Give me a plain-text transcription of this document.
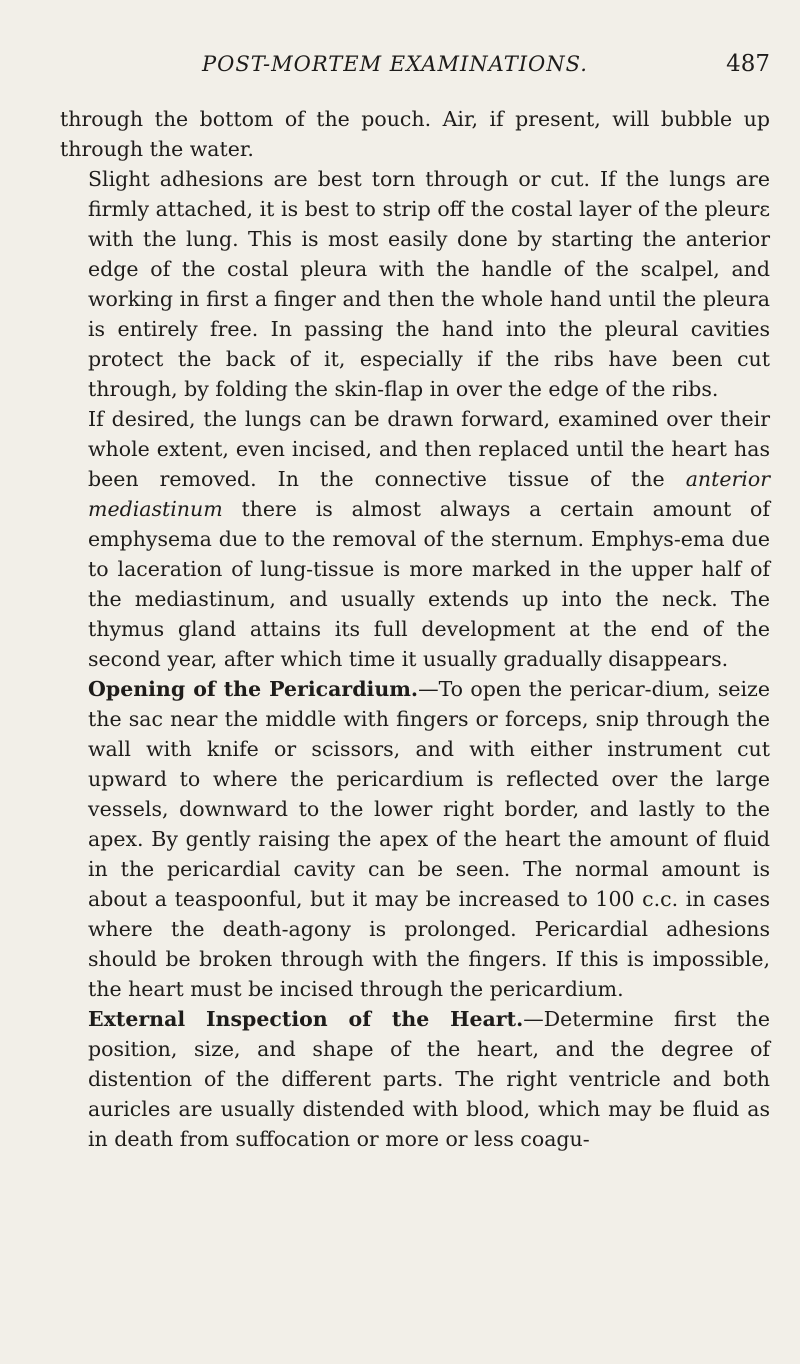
POST-MORTEM EXAMINATIONS.	487

through the bottom of the pouch. Air, if present, will bubble up through the water.

Slight adhesions are best torn through or cut. If the lungs are firmly attached, it is best to strip off the costal layer of the pleurɛ with the lung. This is most easily done by starting the anterior edge of the costal pleura with the handle of the scalpel, and working in first a finger and then the whole hand until the pleura is entirely free. In passing the hand into the pleural cavities protect the back of it, especially if the ribs have been cut through, by folding the skin-flap in over the edge of the ribs.

If desired, the lungs can be drawn forward, examined over their whole extent, even incised, and then replaced until the heart has been removed. In the connective tissue of the anterior mediastinum there is almost always a certain amount of emphysema due to the removal of the sternum. Emphys-ema due to laceration of lung-tissue is more marked in the upper half of the mediastinum, and usually extends up into the neck. The thymus gland attains its full development at the end of the second year, after which time it usually gradually disappears.

Opening of the Pericardium.—To open the pericar-dium, seize the sac near the middle with fingers or forceps, snip through the wall with knife or scissors, and with either instrument cut upward to where the pericardium is reflected over the large vessels, downward to the lower right border, and lastly to the apex. By gently raising the apex of the heart the amount of fluid in the pericardial cavity can be seen. The normal amount is about a teaspoonful, but it may be increased to 100 c.c. in cases where the death-agony is prolonged. Pericardial adhesions should be broken through with the fingers. If this is impossible, the heart must be incised through the pericardium.

External Inspection of the Heart.—Determine first the position, size, and shape of the heart, and the degree of distention of the different parts. The right ventricle and both auricles are usually distended with blood, which may be fluid as in death from suffocation or more or less coagu-
